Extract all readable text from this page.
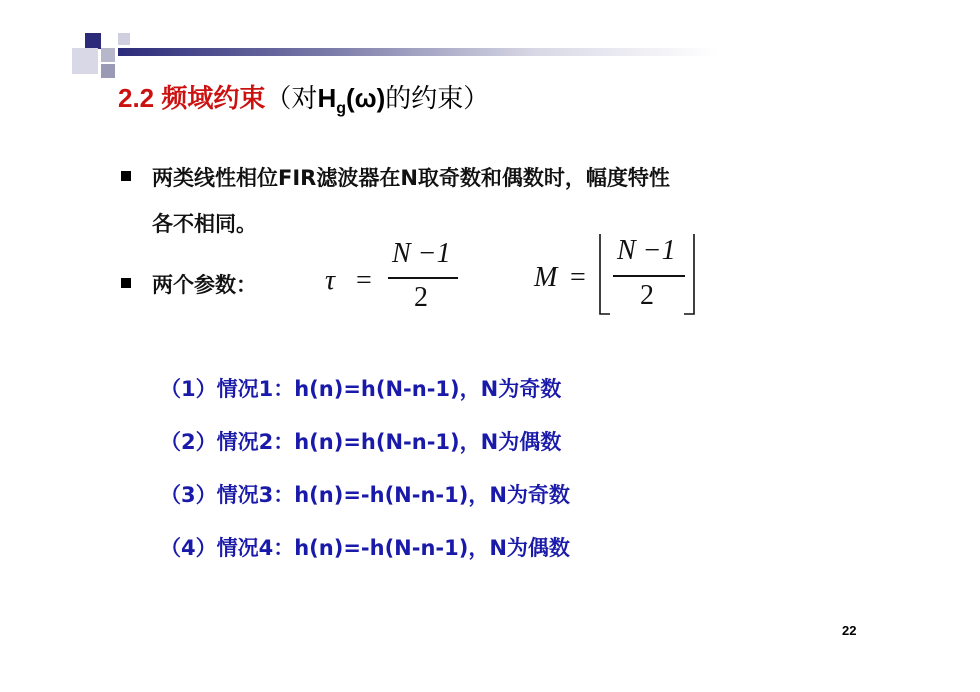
2.2 频域约束（对$H_g(\omega)$的约束）
两类线性相位FIR滤波器在N取奇数和偶数时，幅度特性
各不相同。
两个参数： τ =
N −1
2
M =
N −1
2
（1）情况1：h(n)=h(N-n-1)，N为奇数
（2）情况2：h(n)=h(N-n-1)，N为偶数
（3）情况3：h(n)=-h(N-n-1)，N为奇数
（4）情况4：h(n)=-h(N-n-1)，N为偶数
22
